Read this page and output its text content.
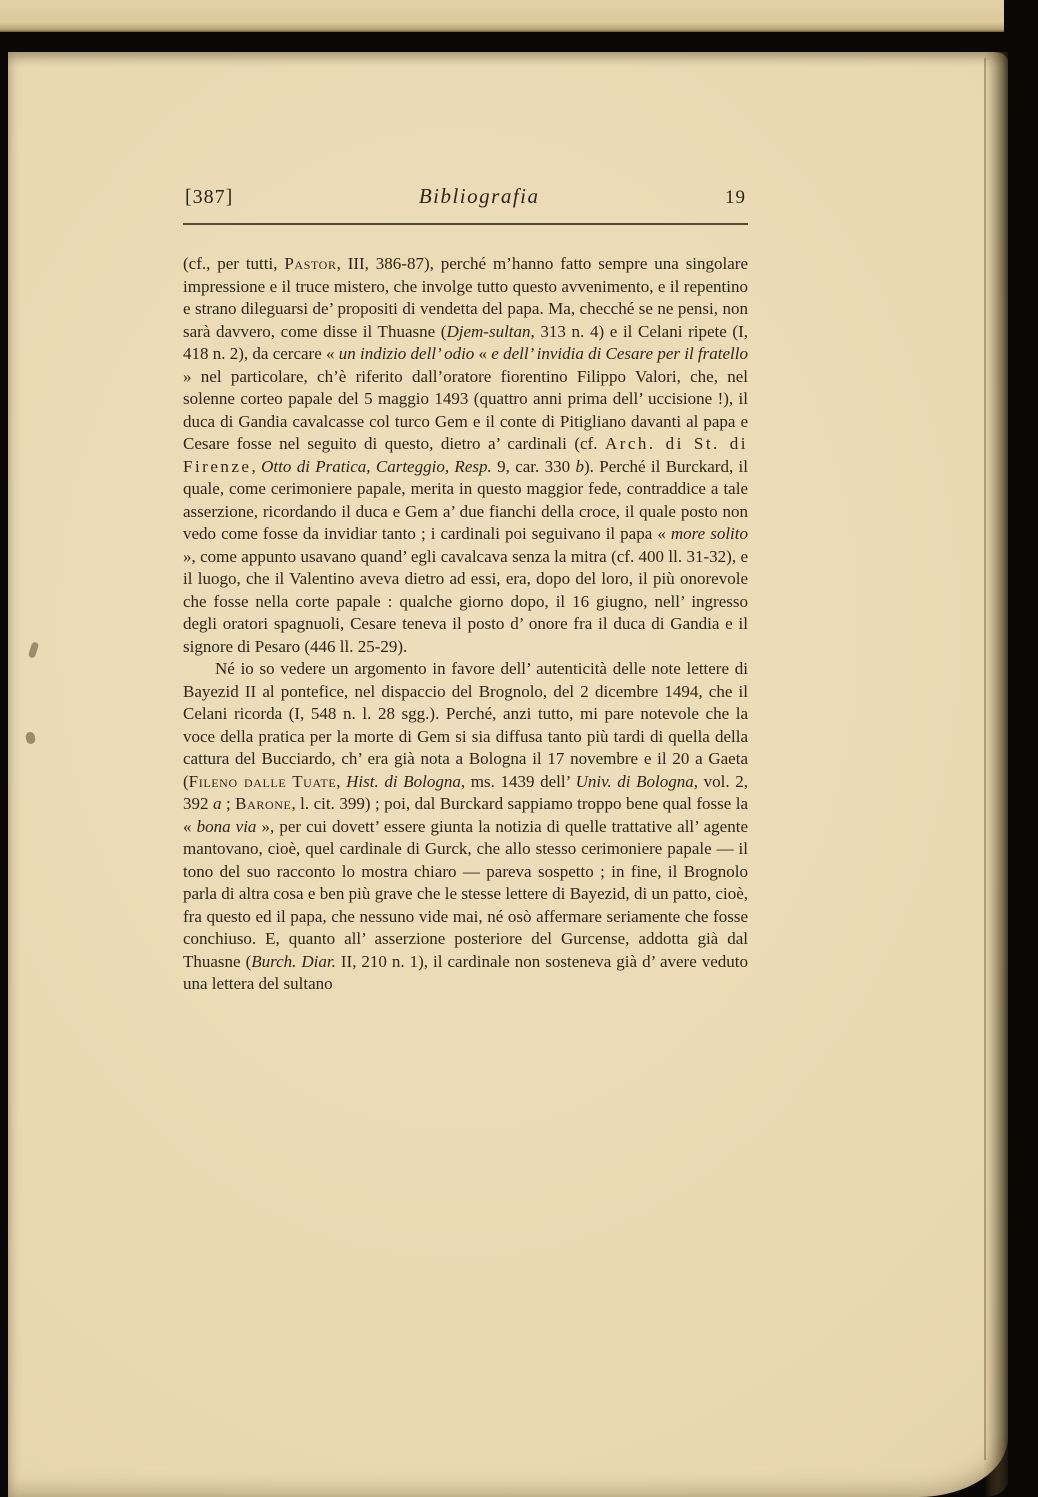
[387]	Bibliografia	19

(cf., per tutti, Pastor, III, 386-87), perché m’hanno fatto sempre una singolare impressione e il truce mistero, che involge tutto questo avvenimento, e il repentino e strano dileguarsi de’ propositi di vendetta del papa. Ma, checché se ne pensi, non sarà davvero, come disse il Thuasne (Djem-sultan, 313 n. 4) e il Celani ripete (I, 418 n. 2), da cercare « un indizio dell’ odio « e dell’ invidia di Cesare per il fratello » nel particolare, ch’è riferito dall’oratore fiorentino Filippo Valori, che, nel solenne corteo papale del 5 maggio 1493 (quattro anni prima dell’ uccisione !), il duca di Gandia cavalcasse col turco Gem e il conte di Pitigliano davanti al papa e Cesare fosse nel seguito di questo, dietro a’ cardinali (cf. Arch. di St. di Firenze, Otto di Pratica, Carteggio, Resp. 9, car. 330 b). Perché il Burckard, il quale, come cerimoniere papale, merita in questo maggior fede, contraddice a tale asserzione, ricordando il duca e Gem a’ due fianchi della croce, il quale posto non vedo come fosse da invidiar tanto ; i cardinali poi seguivano il papa « more solito », come appunto usavano quand’ egli cavalcava senza la mitra (cf. 400 ll. 31-32), e il luogo, che il Valentino aveva dietro ad essi, era, dopo del loro, il più onorevole che fosse nella corte papale : qualche giorno dopo, il 16 giugno, nell’ ingresso degli oratori spagnuoli, Cesare teneva il posto d’ onore fra il duca di Gandia e il signore di Pesaro (446 ll. 25-29).

Né io so vedere un argomento in favore dell’ autenticità delle note lettere di Bayezid II al pontefice, nel dispaccio del Brognolo, del 2 dicembre 1494, che il Celani ricorda (I, 548 n. l. 28 sgg.). Perché, anzi tutto, mi pare notevole che la voce della pratica per la morte di Gem si sia diffusa tanto più tardi di quella della cattura del Bucciardo, ch’ era già nota a Bologna il 17 novembre e il 20 a Gaeta (Fileno dalle Tuate, Hist. di Bologna, ms. 1439 dell’ Univ. di Bologna, vol. 2, 392 a ; Barone, l. cit. 399) ; poi, dal Burckard sappiamo troppo bene qual fosse la « bona via », per cui dovett’ essere giunta la notizia di quelle trattative all’ agente mantovano, cioè, quel cardinale di Gurck, che allo stesso cerimoniere papale — il tono del suo racconto lo mostra chiaro — pareva sospetto ; in fine, il Brognolo parla di altra cosa e ben più grave che le stesse lettere di Bayezid, di un patto, cioè, fra questo ed il papa, che nessuno vide mai, né osò affermare seriamente che fosse conchiuso. E, quanto all’ asserzione posteriore del Gurcense, addotta già dal Thuasne (Burch. Diar. II, 210 n. 1), il cardinale non sosteneva già d’ avere veduto una lettera del sultano
